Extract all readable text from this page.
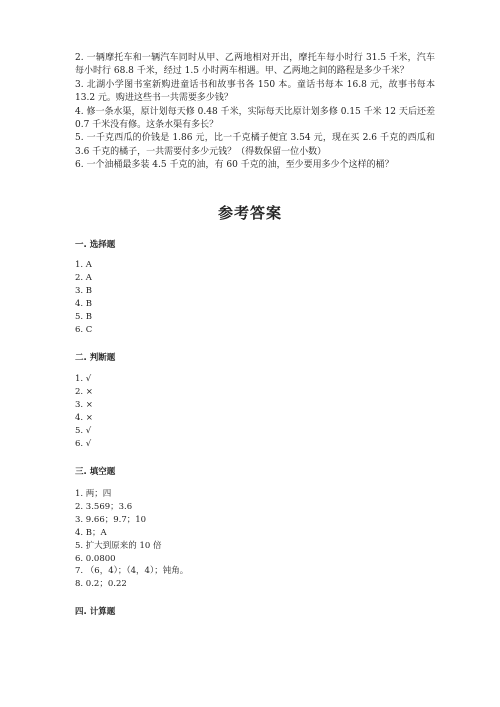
2. 一辆摩托车和一辆汽车同时从甲、乙两地相对开出，摩托车每小时行 31.5 千米，汽车每小时行 68.8 千米，经过 1.5 小时两车相遇。甲、乙两地之间的路程是多少千米？

3. 北湖小学图书室新购进童话书和故事书各 150 本。童话书每本 16.8 元，故事书每本 13.2 元。购进这些书一共需要多少钱？

4. 修一条水渠，原计划每天修 0.48 千米，实际每天比原计划多修 0.15 千米 12 天后还差 0.7 千米没有修。这条水渠有多长？

5. 一千克西瓜的价钱是 1.86 元，比一千克橘子便宜 3.54 元，现在买 2.6 千克的西瓜和 3.6 千克的橘子，一共需要付多少元钱？（得数保留一位小数）

6. 一个油桶最多装 4.5 千克的油，有 60 千克的油，至少要用多少个这样的桶？

参考答案
一. 选择题
1. A
2. A
3. B
4. B
5. B
6. C
二. 判断题
1. √
2. ×
3. ×
4. ×
5. √
6. √
三. 填空题
1. 两；四
2. 3.569；3.6
3. 9.66；9.7；10
4. B；A
5. 扩大到原来的 10 倍
6. 0.0800
7. （6，4）；（4，4）；钝角。
8. 0.2；0.22
四. 计算题
